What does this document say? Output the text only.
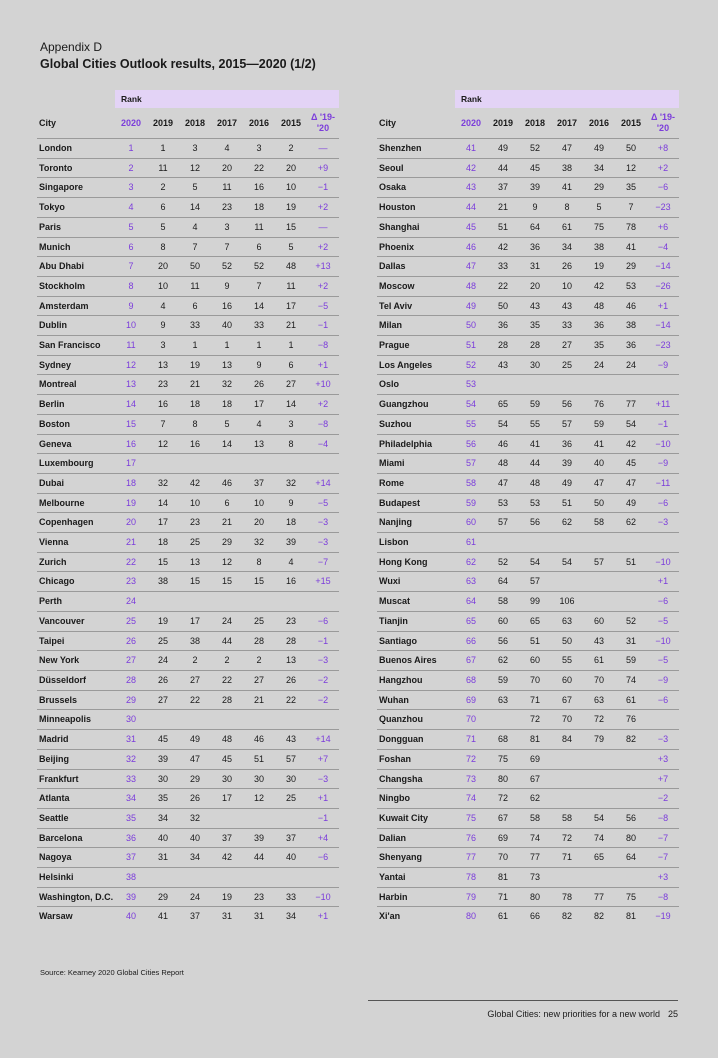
Appendix D
Global Cities Outlook results, 2015—2020 (1/2)
	Rank						
City	2020	2019	2018	2017	2016	2015	Δ '19-
'20
London	1	1	3	4	3	2	—
Toronto	2	11	12	20	22	20	+9
Singapore	3	2	5	11	16	10	−1
Tokyo	4	6	14	23	18	19	+2
Paris	5	5	4	3	11	15	—
Munich	6	8	7	7	6	5	+2
Abu Dhabi	7	20	50	52	52	48	+13
Stockholm	8	10	11	9	7	11	+2
Amsterdam	9	4	6	16	14	17	−5
Dublin	10	9	33	40	33	21	−1
San Francisco	11	3	1	1	1	1	−8
Sydney	12	13	19	13	9	6	+1
Montreal	13	23	21	32	26	27	+10
Berlin	14	16	18	18	17	14	+2
Boston	15	7	8	5	4	3	−8
Geneva	16	12	16	14	13	8	−4
Luxembourg	17						
Dubai	18	32	42	46	37	32	+14
Melbourne	19	14	10	6	10	9	−5
Copenhagen	20	17	23	21	20	18	−3
Vienna	21	18	25	29	32	39	−3
Zurich	22	15	13	12	8	4	−7
Chicago	23	38	15	15	15	16	+15
Perth	24						
Vancouver	25	19	17	24	25	23	−6
Taipei	26	25	38	44	28	28	−1
New York	27	24	2	2	2	13	−3
Düsseldorf	28	26	27	22	27	26	−2
Brussels	29	27	22	28	21	22	−2
Minneapolis	30						
Madrid	31	45	49	48	46	43	+14
Beijing	32	39	47	45	51	57	+7
Frankfurt	33	30	29	30	30	30	−3
Atlanta	34	35	26	17	12	25	+1
Seattle	35	34	32				−1
Barcelona	36	40	40	37	39	37	+4
Nagoya	37	31	34	42	44	40	−6
Helsinki	38						
Washington, D.C.	39	29	24	19	23	33	−10
Warsaw	40	41	37	31	31	34	+1
	Rank						
City	2020	2019	2018	2017	2016	2015	Δ '19-
'20
Shenzhen	41	49	52	47	49	50	+8
Seoul	42	44	45	38	34	12	+2
Osaka	43	37	39	41	29	35	−6
Houston	44	21	9	8	5	7	−23
Shanghai	45	51	64	61	75	78	+6
Phoenix	46	42	36	34	38	41	−4
Dallas	47	33	31	26	19	29	−14
Moscow	48	22	20	10	42	53	−26
Tel Aviv	49	50	43	43	48	46	+1
Milan	50	36	35	33	36	38	−14
Prague	51	28	28	27	35	36	−23
Los Angeles	52	43	30	25	24	24	−9
Oslo	53						
Guangzhou	54	65	59	56	76	77	+11
Suzhou	55	54	55	57	59	54	−1
Philadelphia	56	46	41	36	41	42	−10
Miami	57	48	44	39	40	45	−9
Rome	58	47	48	49	47	47	−11
Budapest	59	53	53	51	50	49	−6
Nanjing	60	57	56	62	58	62	−3
Lisbon	61						
Hong Kong	62	52	54	54	57	51	−10
Wuxi	63	64	57				+1
Muscat	64	58	99	106			−6
Tianjin	65	60	65	63	60	52	−5
Santiago	66	56	51	50	43	31	−10
Buenos Aires	67	62	60	55	61	59	−5
Hangzhou	68	59	70	60	70	74	−9
Wuhan	69	63	71	67	63	61	−6
Quanzhou	70		72	70	72	76	
Dongguan	71	68	81	84	79	82	−3
Foshan	72	75	69				+3
Changsha	73	80	67				+7
Ningbo	74	72	62				−2
Kuwait City	75	67	58	58	54	56	−8
Dalian	76	69	74	72	74	80	−7
Shenyang	77	70	77	71	65	64	−7
Yantai	78	81	73				+3
Harbin	79	71	80	78	77	75	−8
Xi'an	80	61	66	82	82	81	−19
Source: Kearney 2020 Global Cities Report
Global Cities: new priorities for a new world 25
